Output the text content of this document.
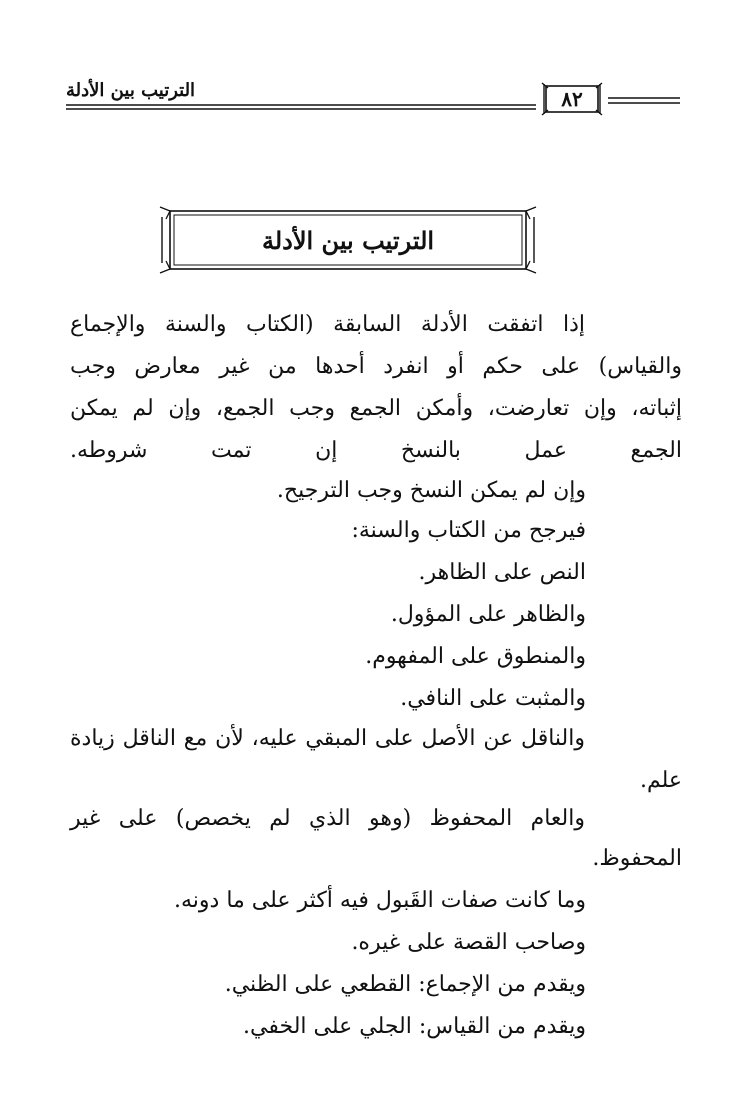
الترتيب بين الأدلة	٨٢
الترتيب بين الأدلة
إذا اتفقت الأدلة السابقة (الكتاب والسنة والإجماع
والقياس) على حكم أو انفرد أحدها من غير معارض وجب
إثباته، وإن تعارضت، وأمكن الجمع وجب الجمع، وإن لم يمكن
الجمع عمل بالنسخ إن تمت شروطه.
وإن لم يمكن النسخ وجب الترجيح.
فيرجح من الكتاب والسنة:
النص على الظاهر.
والظاهر على المؤول.
والمنطوق على المفهوم.
والمثبت على النافي.
والناقل عن الأصل على المبقي عليه، لأن مع الناقل زيادة
علم.
والعام المحفوظ (وهو الذي لم يخصص) على غير
المحفوظ.
وما كانت صفات القَبول فيه أكثر على ما دونه.
وصاحب القصة على غيره.
ويقدم من الإجماع: القطعي على الظني.
ويقدم من القياس: الجلي على الخفي.
